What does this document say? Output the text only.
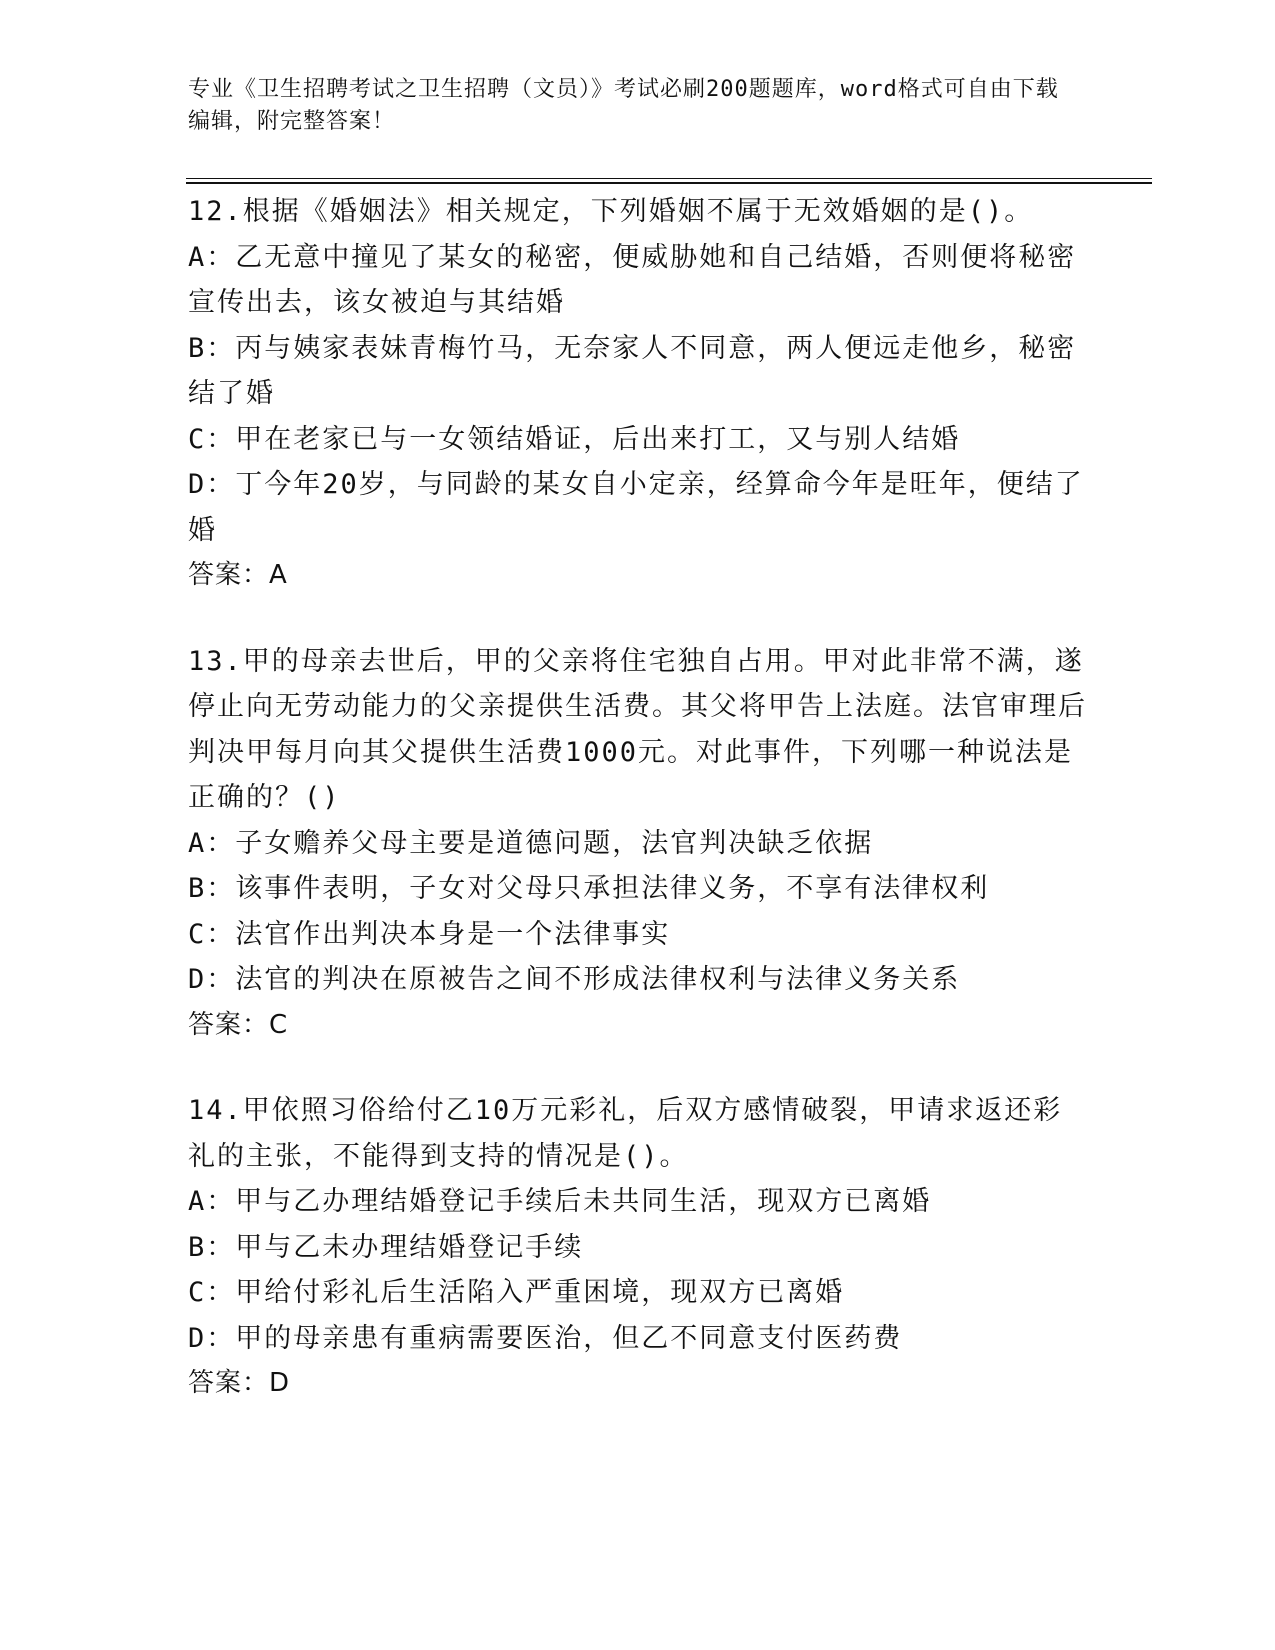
专业《卫生招聘考试之卫生招聘（文员）》考试必刷200题题库，word格式可自由下载编辑，附完整答案！

12.根据《婚姻法》相关规定，下列婚姻不属于无效婚姻的是()。

A：乙无意中撞见了某女的秘密，便威胁她和自己结婚，否则便将秘密宣传出去，该女被迫与其结婚

B：丙与姨家表妹青梅竹马，无奈家人不同意，两人便远走他乡，秘密结了婚

C：甲在老家已与一女领结婚证，后出来打工，又与别人结婚

D：丁今年20岁，与同龄的某女自小定亲，经算命今年是旺年，便结了婚

答案：A

13.甲的母亲去世后，甲的父亲将住宅独自占用。甲对此非常不满，遂停止向无劳动能力的父亲提供生活费。其父将甲告上法庭。法官审理后判决甲每月向其父提供生活费1000元。对此事件，下列哪一种说法是正确的？()

A：子女赡养父母主要是道德问题，法官判决缺乏依据

B：该事件表明，子女对父母只承担法律义务，不享有法律权利

C：法官作出判决本身是一个法律事实

D：法官的判决在原被告之间不形成法律权利与法律义务关系

答案：C

14.甲依照习俗给付乙10万元彩礼，后双方感情破裂，甲请求返还彩礼的主张，不能得到支持的情况是()。

A：甲与乙办理结婚登记手续后未共同生活，现双方已离婚

B：甲与乙未办理结婚登记手续

C：甲给付彩礼后生活陷入严重困境，现双方已离婚

D：甲的母亲患有重病需要医治，但乙不同意支付医药费

答案：D
